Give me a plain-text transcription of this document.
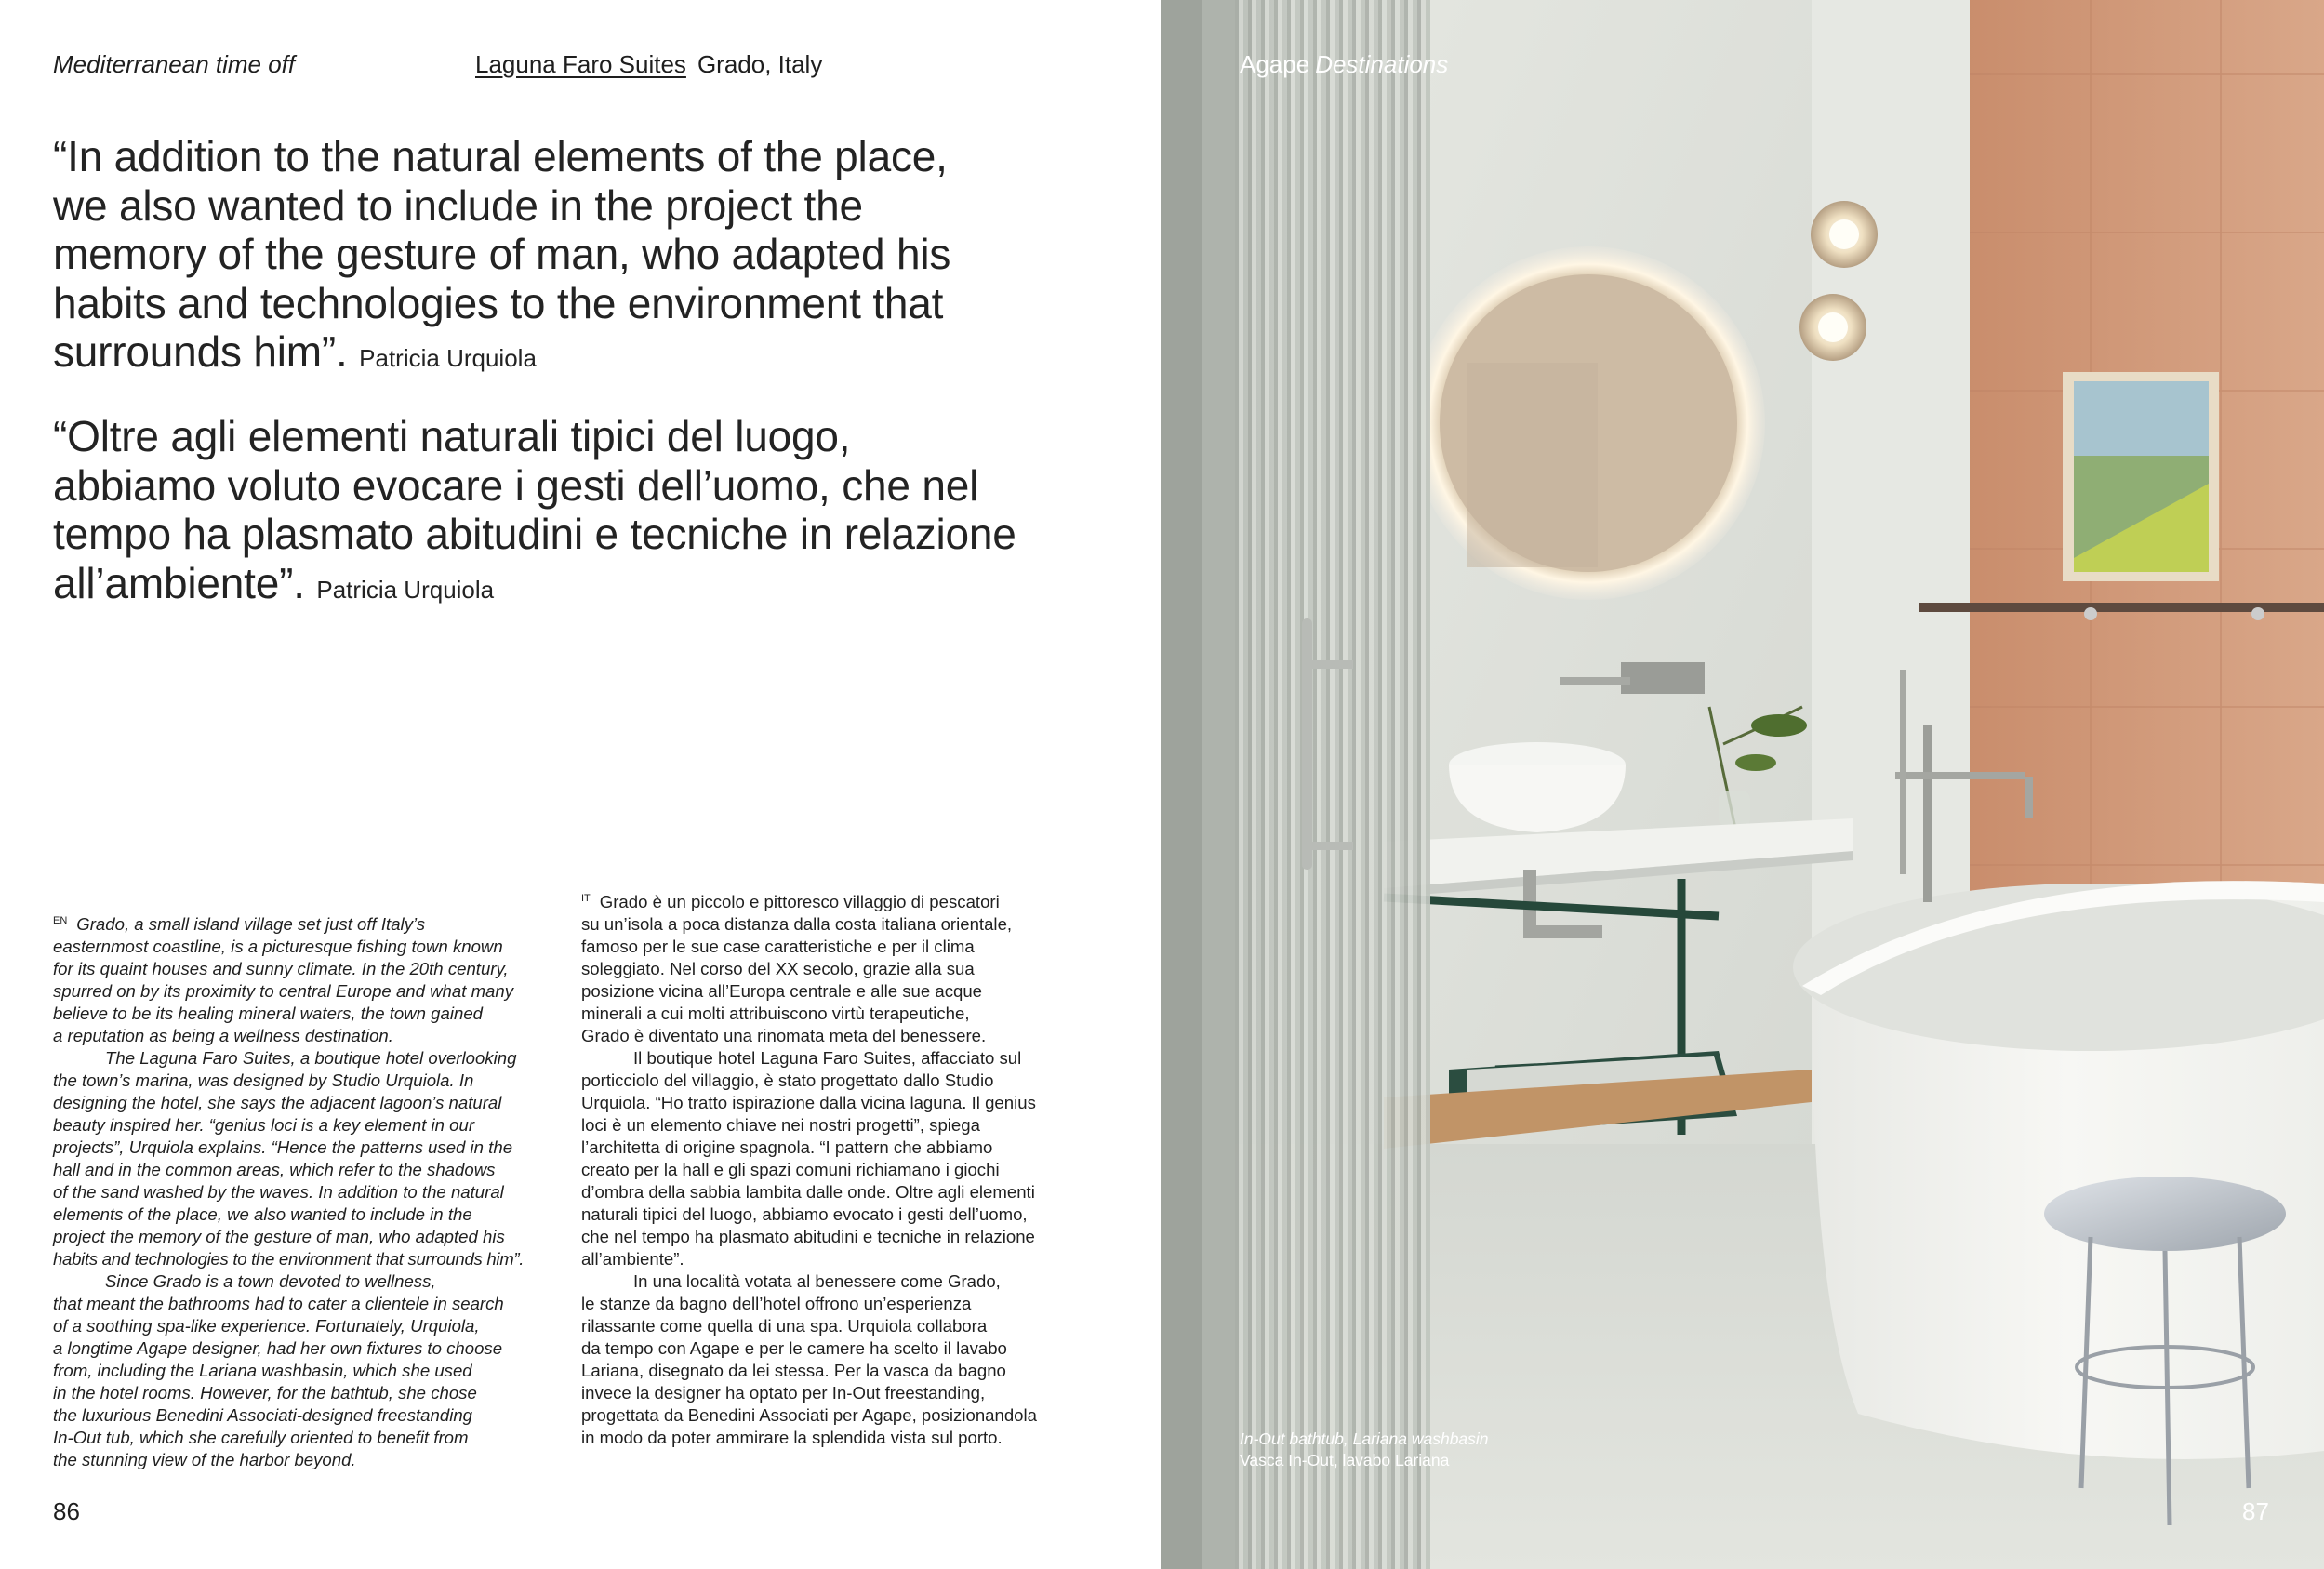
Mediterranean time off	Laguna Faro Suites Grado, Italy
“In addition to the natural elements of the place,
we also wanted to include in the project the
memory of the gesture of man, who adapted his
habits and technologies to the environment that
surrounds him”. Patricia Urquiola
“Oltre agli elementi naturali tipici del luogo,
abbiamo voluto evocare i gesti dell’uomo, che nel
tempo ha plasmato abitudini e tecniche in relazione
all’ambiente”. Patricia Urquiola

$^{EN}$ Grado, a small island village set just off Italy’s
easternmost coastline, is a picturesque fishing town known
for its quaint houses and sunny climate. In the 20th century,
spurred on by its proximity to central Europe and what many
believe to be its healing mineral waters, the town gained
a reputation as being a wellness destination.

The Laguna Faro Suites, a boutique hotel overlooking
the town’s marina, was designed by Studio Urquiola. In
designing the hotel, she says the adjacent lagoon’s natural
beauty inspired her. “genius loci is a key element in our
projects”, Urquiola explains. “Hence the patterns used in the
hall and in the common areas, which refer to the shadows
of the sand washed by the waves. In addition to the natural
elements of the place, we also wanted to include in the
project the memory of the gesture of man, who adapted his
habits and technologies to the environment that surrounds him”.

Since Grado is a town devoted to wellness,
that meant the bathrooms had to cater a clientele in search
of a soothing spa-like experience. Fortunately, Urquiola,
a longtime Agape designer, had her own fixtures to choose
from, including the Lariana washbasin, which she used
in the hotel rooms. However, for the bathtub, she chose
the luxurious Benedini Associati-designed freestanding
In-Out tub, which she carefully oriented to benefit from
the stunning view of the harbor beyond.

$^{IT}$ Grado è un piccolo e pittoresco villaggio di pescatori
su un’isola a poca distanza dalla costa italiana orientale,
famoso per le sue case caratteristiche e per il clima
soleggiato. Nel corso del XX secolo, grazie alla sua
posizione vicina all’Europa centrale e alle sue acque
minerali a cui molti attribuiscono virtù terapeutiche,
Grado è diventato una rinomata meta del benessere.

Il boutique hotel Laguna Faro Suites, affacciato sul
porticciolo del villaggio, è stato progettato dallo Studio
Urquiola. “Ho tratto ispirazione dalla vicina laguna. Il genius
loci è un elemento chiave nei nostri progetti”, spiega
l’architetta di origine spagnola. “I pattern che abbiamo
creato per la hall e gli spazi comuni richiamano i giochi
d’ombra della sabbia lambita dalle onde. Oltre agli elementi
naturali tipici del luogo, abbiamo evocato i gesti dell’uomo,
che nel tempo ha plasmato abitudini e tecniche in relazione
all’ambiente”.

In una località votata al benessere come Grado,
le stanze da bagno dell’hotel offrono un’esperienza
rilassante come quella di una spa. Urquiola collabora
da tempo con Agape e per le camere ha scelto il lavabo
Lariana, disegnato da lei stessa. Per la vasca da bagno
invece la designer ha optato per In-Out freestanding,
progettata da Benedini Associati per Agape, posizionandola
in modo da poter ammirare la splendida vista sul porto.

86
Agape Destinations
In-Out bathtub, Lariana washbasin
Vasca In-Out, lavabo Lariana
87
